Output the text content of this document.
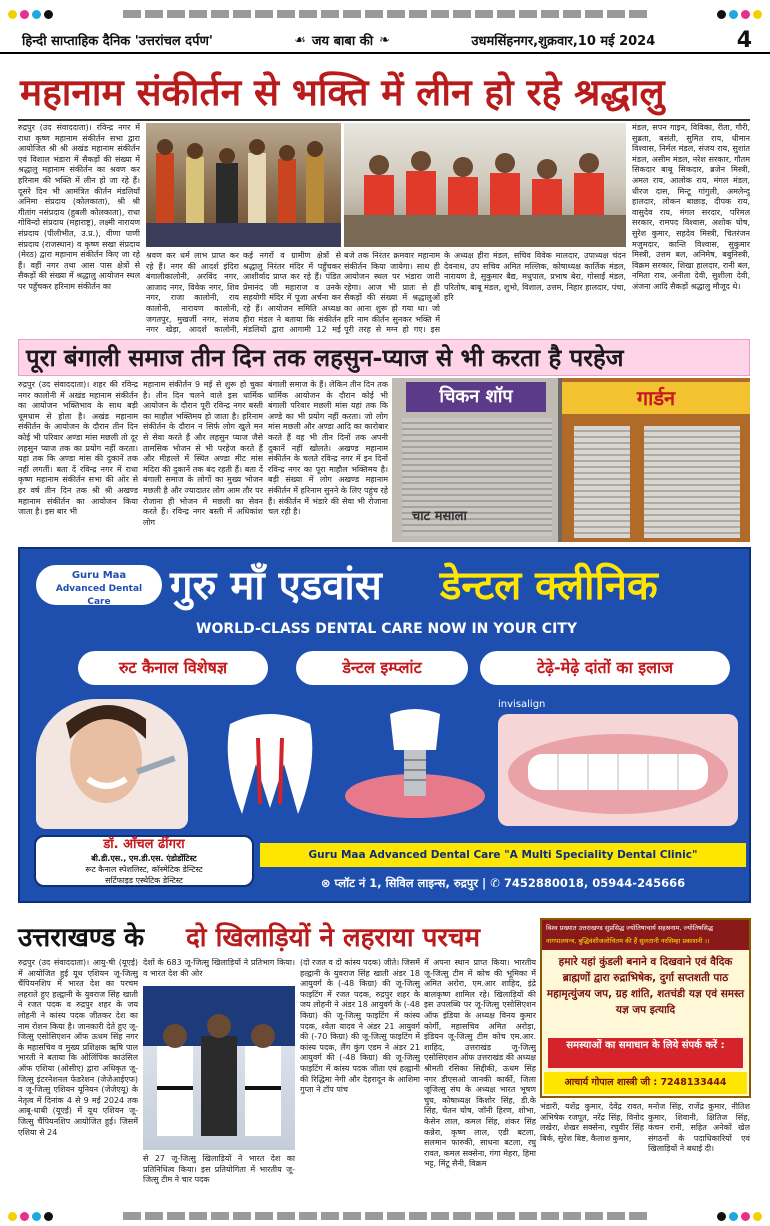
हिन्दी साप्ताहिक दैनिक 'उत्तरांचल दर्पण'	☙ जय बाबा की ❧	उधमसिंहनगर,शुक्रवार,10 मई 2024	4
महानाम संकीर्तन से भक्ति में लीन हो रहे श्रद्धालु
रुद्रपुर (उद संवाददाता)। रविन्द्र नगर में राधा कृष्ण महानाम संकीर्तन सभा द्वारा आयोजित श्री श्री अखंड महानाम संकीर्तन एवं विशाल भंडारा में सैकड़ों की संख्या में श्रद्धालु महानाम संकीर्तन का श्रवण कर हरिनाम की भक्ति में लीन हो जा रहे हैं। दूसरे दिन भी आमंत्रित कीर्तन मंडलियाँ अनिमा संप्रदाय (कोलकाता), श्री श्री गीतांग नसंप्रदाय (हुबली कोलकाता), राधा गोविन्दो संप्रदाय (महाराष्ट्र), लक्ष्मी नारायण संप्रदाय (पीलीभीत, उ.प्र.), वीणा पाणी संप्रदाय (राजस्थान) व कृष्ण सखा संप्रदाय (मेरठ) द्वारा महानाम संकीर्तन किए जा रहे हैं। वहीं नगर तथा आस पास क्षेत्रों से सैकड़ों की संख्या में श्रद्धालु आयोजन स्थल पर पहुँचकर हरिनाम संकीर्तन का
श्रवण कर धर्म लाभ प्राप्त कर रहे हैं। नगर की आदर्श इंदिरा बंगालीकालोनी, अरविंद नगर, आजाद नगर, विवेक नगर, शिव नगर, राजा कालोनी, राय कालोनी, नारायण कालोनी, जगतपुर, मुखर्जी नगर, संजय नगर खेड़ा, आदर्श कालोनी,
कई नगरों व ग्रामीण क्षेत्रों से श्रद्धालु निरंतर मंदिर में पहुँचकर आशीर्वाद प्राप्त कर रहे हैं। पंडित प्रेमानंद जी महाराज व उनके सहयोगी मंदिर में पूजा अर्चना कर रहे हैं। आयोजन समिति अध्यक्ष हीरा मंडल ने बताया कि संकीर्तन मंडलियों द्वारा आगामी 12 मई
बजे तक निरंतर क्रमवार महानाम संकीर्तन किया जायेगा। साथ ही आयोजन स्थल पर भंडारा जारी रहेगा। आज भी प्रातः से ही सैकड़ों की संख्या में श्रद्धालुओं का आना शुरू हो गया था। जो हरि नाम कीर्तन सुनकर भक्ति में पूरी तरह से मग्न हो गए। इस
के अध्यक्ष हीरा मंडल, सचिव विवेक मालदार, उपाध्यक्ष चंदन देवनाथ, उप सचिव अमित मल्लिक, कोषाध्यक्ष कार्तिक मंडल, नारायण डे, सुकुमार बैद्य, मधुपाल, प्रभाष बेरा, गोसाईं मंडल, परितोष, बाबू मंडल, शुभो, विशाल, उत्तम, निहार हालदार, पंचा, हरि
मंडल, सपन गाइन, विविका, रीता, गौरी, सुब्रता, बसंती, सुमित राय, धीमान विश्वास, निर्मल मंडल, संजय राय, सुशांत मंडल, असीम मंडल, नरेश सरकार, गौतम सिकदार बाबू सिकदार, ब्रजेन मिस्त्री, अमल राय, आलोक राय, मंगल मंडल, धीरज दास, मिन्टू गांगुली, अमलेन्दु हालदार, लोकन बाछाड़, दीपक राय, वासुदेव राय, मंगल सरदार, परिमल सरकार, रामपद विश्वास, अशोक घोष, सुरेश कुमार, सहदेव मिस्त्री, चितरंजन मजुमदार, कान्ति विश्वास, सुकुमार मिस्त्री, उत्तम बल, अनिमेष, बबुनिस्त्री, विक्रम सरकार, शिखा हालदार, रानी बल, नमिता राय, अनीता देवी, सुशीला देवी, अंजना आदि सैकड़ों श्रद्धालु मौजूद थे।
पूरा बंगाली समाज तीन दिन तक लहसुन-प्याज से भी करता है परहेज
रुद्रपुर (उद संवाददाता)। शहर की रविन्द्र नगर कालोनी में अखंड महानाम संकीर्तन का आयोजन भक्तिभाव के साथ बड़ी धूमधाम से होता है। अखंड महानाम संकीर्तन के आयोजन के दौरान तीन दिन कोई भी परिवार अण्डा मांस मछली तो दूर लहसुन प्याज तक का प्रयोग नहीं करता। यहां तक कि अण्डा मांस की दुकानें तक नहीं लगतीं। बता दें रविन्द्र नगर में राधा कृष्ण महानाम संकीर्तन सभा की ओर से हर वर्ष तीन दिन तक श्री श्री अखण्ड महानाम संकीर्तन का आयोजन किया जाता है। इस बार भी
महानाम संकीर्तन 9 मई से शुरू हो चुका है। तीन दिन चलने वाले इस धार्मिक आयोजन के दौरान पूरी रविन्द्र नगर बस्ती का माहौल भक्तिमय हो जाता है। हरिनाम संकीर्तन के दौरान न सिर्फ लोग खुले मन से सेवा करते हैं और लहसुन प्याज जैसे तामसिक भोजन से भी परहेज करते हैं और मीहल्ले में स्थित अण्डा मीट मांस मदिरा की दुकानें तक बंद रहती हैं। बता दें बंगाली समाज के लोगों का मुख्य भोजन मछली है और ज्यादातर लोग आम तौर पर रोजाना ही भोजन में मछली का सेवन करते हैं। रविन्द्र नगर बस्ती में अधिकांश लोग
बंगाली समाज के हैं। लेकिन तीन दिन तक धार्मिक आयोजन के दौरान कोई भी बंगाली परिवार मछली मांस यहां तक कि अण्डे का भी प्रयोग नहीं करता। जो लोग मांस मछली और अण्डा आदि का कारोबार करते हैं वह भी तीन दिनों तक अपनी दुकानें नहीं खोलते। अखण्ड महानाम संकीर्तन के चलते रविन्द्र नगर में इन दिनों रविन्द्र नगर का पूरा माहौल भक्तिमय है। बड़ी संख्या में लोग अखण्ड महानाम संकीर्तन में हरिनाम सुनने के लिए पहुंच रहे हैं। संकीर्तन में भंडारे की सेवा भी रोजाना चल रही है।
चिकन शॉप
चाट मसाला
गार्डन
Guru Maa
Advanced Dental Care	गुरु माँ एडवांस डेन्टल क्लीनिक
WORLD-CLASS DENTAL CARE NOW IN YOUR CITY
रुट कैनाल विशेषज्ञ	डेन्टल इम्प्लांट	टेढ़े-मेढ़े दांतों का इलाज
invisalign
डॉ. आँचल ढींगरा
बी.डी.एस., एम.डी.एस. एंडोडोंटिस्ट
रूट कैनाल स्पेशलिस्ट, कॉस्मेटिक डेन्टिस्ट
सर्टिफाइड एस्थेटिक डेन्टिस्ट
Guru Maa Advanced Dental Care "A Multi Speciality Dental Clinic"
⊗ प्लॉट नं 1, सिविल लाइन्स, रुद्रपुर | ✆ 7452880018, 05944-245666
उत्तराखण्ड के दो खिलाड़ियों ने लहराया परचम
रुद्रपुर (उद संवाददाता)। आयु-षी (यूएई) में आयोजित हुई यूथ एशियन जू-जित्सु चैंपियनशिप में भारत देश का परचम लहराते हुए हल्द्वानी के युवराज सिंह खाती ने रजत पदक व रुद्रपुर शहर के जय लोहनी ने कांस्य पदक जीतकर देश का नाम रोशन किया है। जानकारी देते हुए जू-जित्सु एसोसिएशन ऑफ ऊधम सिंह नगर के महासचिव व मुख्य प्रशिक्षक ऋषि पाल भारती ने बताया कि ओलिंपिक काउंसिल ऑफ एशिया (ओसीए) द्वारा अधिकृत जू-जित्सु इंटरनेशनल फेडरेशन (जेजेआईएफ) व जू-जित्सु एशियन यूनियन (जेजेएयू) के नेतृत्व में दिनांक 4 से 9 मई 2024 तक आबू-धाबी (यूएई) में यूथ एशियन जू-जित्सु चैंपियनशिप आयोजित हुई। जिसमें एशिया से 24
देशों के 683 जू-जित्सु खिलाड़ियों ने प्रतिभाग किया। व भारत देश की ओर
(दो रजत व दो कांस्य पदक) जीते। जिसमें हल्द्वानी के युवराज सिंह खाती अंडर 18 आयुवर्ग के (-48 किग्रा) की जू-जित्सु फाइटिंग में रजत पदक, रुद्रपुर शहर के जय लोहनी ने अंडर 18 आयुवर्ग के (-48 किग्रा) की जू-जित्सु फाइटिंग में कांस्य पदक, श्वेता यादव ने अंडर 21 आयुवर्ग की (-70 किग्रा) की जू-जित्सु फाइटिंग में कांस्य पदक, लैंग कुंग एडम ने अंडर 21 आयुवर्ग की (-48 किग्रा) की जू-जित्सु फाइटिंग में कांस्य पदक जीता एवं हल्द्वानी की रिद्धिमा नेगी और देहरादून के आशिमा गुप्ता ने टॉप पांच
से 27 जू-जित्सु खिलाड़ियों ने भारत देश का प्रतिनिधित्व किया। इस प्रतियोगिता में भारतीय जू-जित्सु टीम ने चार पदक
में अपना स्थान प्राप्त किया। भारतीय जू-जित्सु टीम में कोच की भूमिका में अमित अरोरा, एम.आर शाहिद, इंद्रे बालकृष्ण शामिल रहे। खिलाड़ियों की इस उपलब्धि पर जू-जित्सु एसोसिएशन ऑफ इंडिया के अध्यक्ष विनय कुमार कोर्गी, महासचिव अमित अरोड़ा, इंडियन जू-जित्सु टीम कोच एम.आर. शाहिद, उत्तराखंड जू-जित्सु एसोसिएशन ऑफ उत्तराखंड की अध्यक्ष श्रीमती रसिका सिद्दीकी, ऊधम सिंह नगर डीएसओ जानकी कार्की, जिला जूजित्सु संघ के अध्यक्ष भारत भूषण चुघ, कोषाध्यक्ष किशोर सिंह, डी.के सिंह, चेतन घोष, जॉनी हिरण, शोभा, केसेन लाल, कमल सिंह, शंकर सिंह कन्नेरा, कृष्ण लाल, एडी बटला, सलमान फारुकी, साधना बटला, रघु रावत, कमल सक्सेना, गंगा मेहरा, हिमा भट्ट, मिंटू सैनी, विक्रम
भंडारी, यशेंद्र कुमार, देवेंद्र रावत, अभिषेक रजपूत, नरेंद्र सिंह, विनोद लखेरा, शेखर सक्सेना, रघुवीर सिंह बिर्क, सुरेश बिष्ट, कैलाश कुमार,
मनोज सिंह, राजेंद्र कुमार, नीतिश कुमार, शिवानी, क्षितिज सिंह, कंचन रानी, सहित अनेकों खेल संगठनों के पदाधिकारियों एवं खिलाड़ियों ने बधाई दी।
विश्व प्रख्यात उत्तराखण्ड सुप्रसिद्ध ज्योतिषाचार्य सहस्रनाम, ज्योतिषसिद्ध
नागपालयन्त्र, बुद्धिवंशीजलोचितम की हैं सुलतानी नरसिम्हा प्रकाशनी ।।
हमारे यहां कुंडली बनाने व दिखवाने एवं वैदिक ब्राह्मणों द्वारा रुद्राभिषेक, दुर्गा सप्तशती पाठ महामृत्युंजय जप, ग्रह शांति, शतचंडी यज्ञ एवं समस्त यज्ञ जप इत्यादि
समस्याओं का समाधान के लिये संपर्क करें :
आचार्य गोपाल शास्त्री जी : 7248133444
